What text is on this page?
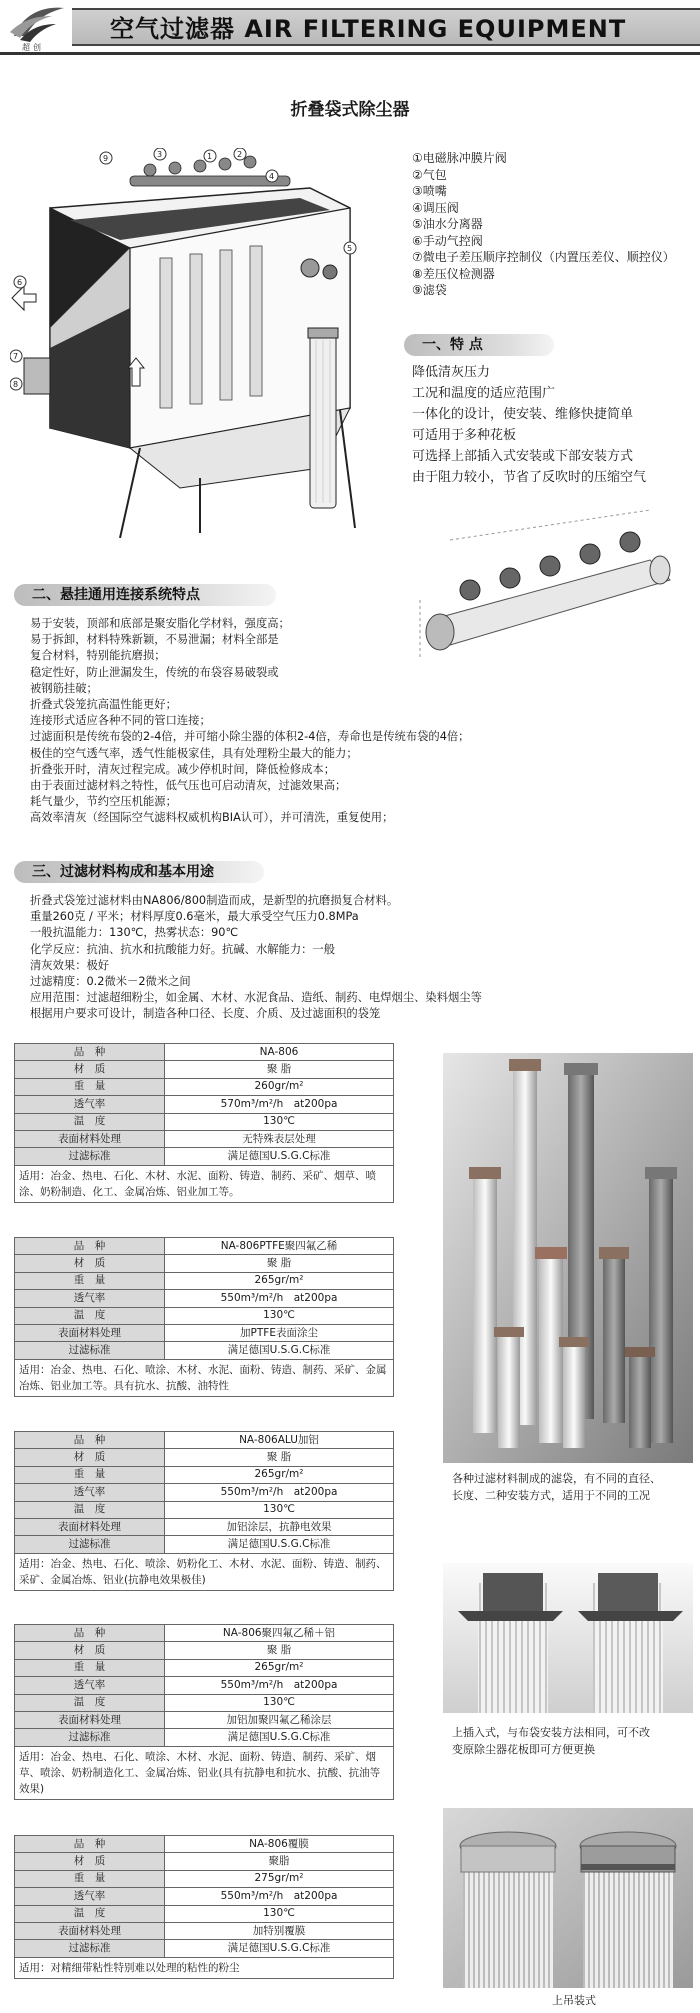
超创
空气过滤器 AIR FILTERING EQUIPMENT
折叠袋式除尘器
1	2
3
4
5
6
7
8
9	①电磁脉冲膜片阀
②气包
③喷嘴
④调压阀
⑤油水分离器
⑥手动气控阀
⑦微电子差压顺序控制仪（内置压差仪、顺控仪）
⑧差压仪检测器
⑨滤袋
一、特 点
降低清灰压力
工况和温度的适应范围广
一体化的设计，使安装、维修快捷简单
可适用于多种花板
可选择上部插入式安装或下部安装方式
由于阻力较小，节省了反吹时的压缩空气
二、悬挂通用连接系统特点
易于安装，顶部和底部是聚安脂化学材料，强度高；
易于拆卸，材料特殊新颖，不易泄漏；材料全部是
复合材料，特别能抗磨损；
稳定性好，防止泄漏发生，传统的布袋容易破裂或
被钢筋挂破；
折叠式袋笼抗高温性能更好；
连接形式适应各种不同的管口连接；
过滤面积是传统布袋的2-4倍，并可缩小除尘器的体积2-4倍，寿命也是传统布袋的4倍；
极佳的空气透气率，透气性能极家佳，具有处理粉尘最大的能力；
折叠张开时，清灰过程完成。减少停机时间，降低检修成本；
由于表面过滤材料之特性，低气压也可启动清灰，过滤效果高；
耗气量少，节约空压机能源；
高效率清灰（经国际空气滤料权威机构BIA认可），并可清洗，重复使用；
三、过滤材料构成和基本用途
折叠式袋笼过滤材料由NA806/800制造而成，是新型的抗磨损复合材料。
重量260克 / 平米；材料厚度0.6毫米，最大承受空气压力0.8MPa
一般抗温能力：130℃，热雾状态：90℃
化学反应：抗油、抗水和抗酸能力好。抗碱、水解能力：一般
清灰效果：极好
过滤精度：0.2微米－2微米之间
应用范围：过滤超细粉尘，如金属、木材、水泥食品、造纸、制药、电焊烟尘、染料烟尘等
根据用户要求可设计，制造各种口径、长度、介质、及过滤面积的袋笼
品　种	NA-806
材　质	聚 脂
重　量	260gr/m²
透气率	570m³/m²/h　at200pa
温　度	130℃
表面材料处理	无特殊表层处理
过滤标准	满足德国U.S.G.C标准
适用：冶金、热电、石化、木材、水泥、面粉、铸造、制药、采矿、烟草、喷涂、奶粉制造、化工、金属冶炼、铝业加工等。	
品　种	NA-806PTFE聚四氟乙稀
材　质	聚 脂
重　量	265gr/m²
透气率	550m³/m²/h　at200pa
温　度	130℃
表面材料处理	加PTFE表面涂尘
过滤标准	满足德国U.S.G.C标准
适用：冶金、热电、石化、喷涂、木材、水泥、面粉、铸造、制药、采矿、金属冶炼、铝业加工等。具有抗水、抗酸、油特性	
品　种	NA-806ALU加铝
材　质	聚 脂
重　量	265gr/m²
透气率	550m³/m²/h　at200pa
温　度	130℃
表面材料处理	加铝涂层，抗静电效果
过滤标准	满足德国U.S.G.C标准
适用：冶金、热电、石化、喷涂、奶粉化工、木材、水泥、面粉、铸造、制药、采矿、金属冶炼、铝业(抗静电效果极佳)	
品　种	NA-806聚四氟乙稀＋铝
材　质	聚 脂
重　量	265gr/m²
透气率	550m³/m²/h　at200pa
温　度	130℃
表面材料处理	加铝加聚四氟乙稀涂层
过滤标准	满足德国U.S.G.C标准
适用：冶金、热电、石化、喷涂、木材、水泥、面粉、铸造、制药、采矿、烟草、喷涂、奶粉制造化工、金属冶炼、铝业(具有抗静电和抗水、抗酸、抗油等效果)	
品　种	NA-806覆膜
材　质	聚脂
重　量	275gr/m²
透气率	550m³/m²/h　at200pa
温　度	130℃
表面材料处理	加特别覆膜
过滤标准	满足德国U.S.G.C标准
适用：对精细带粘性特别难以处理的粘性的粉尘	
各种过滤材料制成的滤袋，有不同的直径、
长度、二种安装方式，适用于不同的工况
上插入式，与布袋安装方法相同，可不改
变原除尘器花板即可方便更换
上吊装式
